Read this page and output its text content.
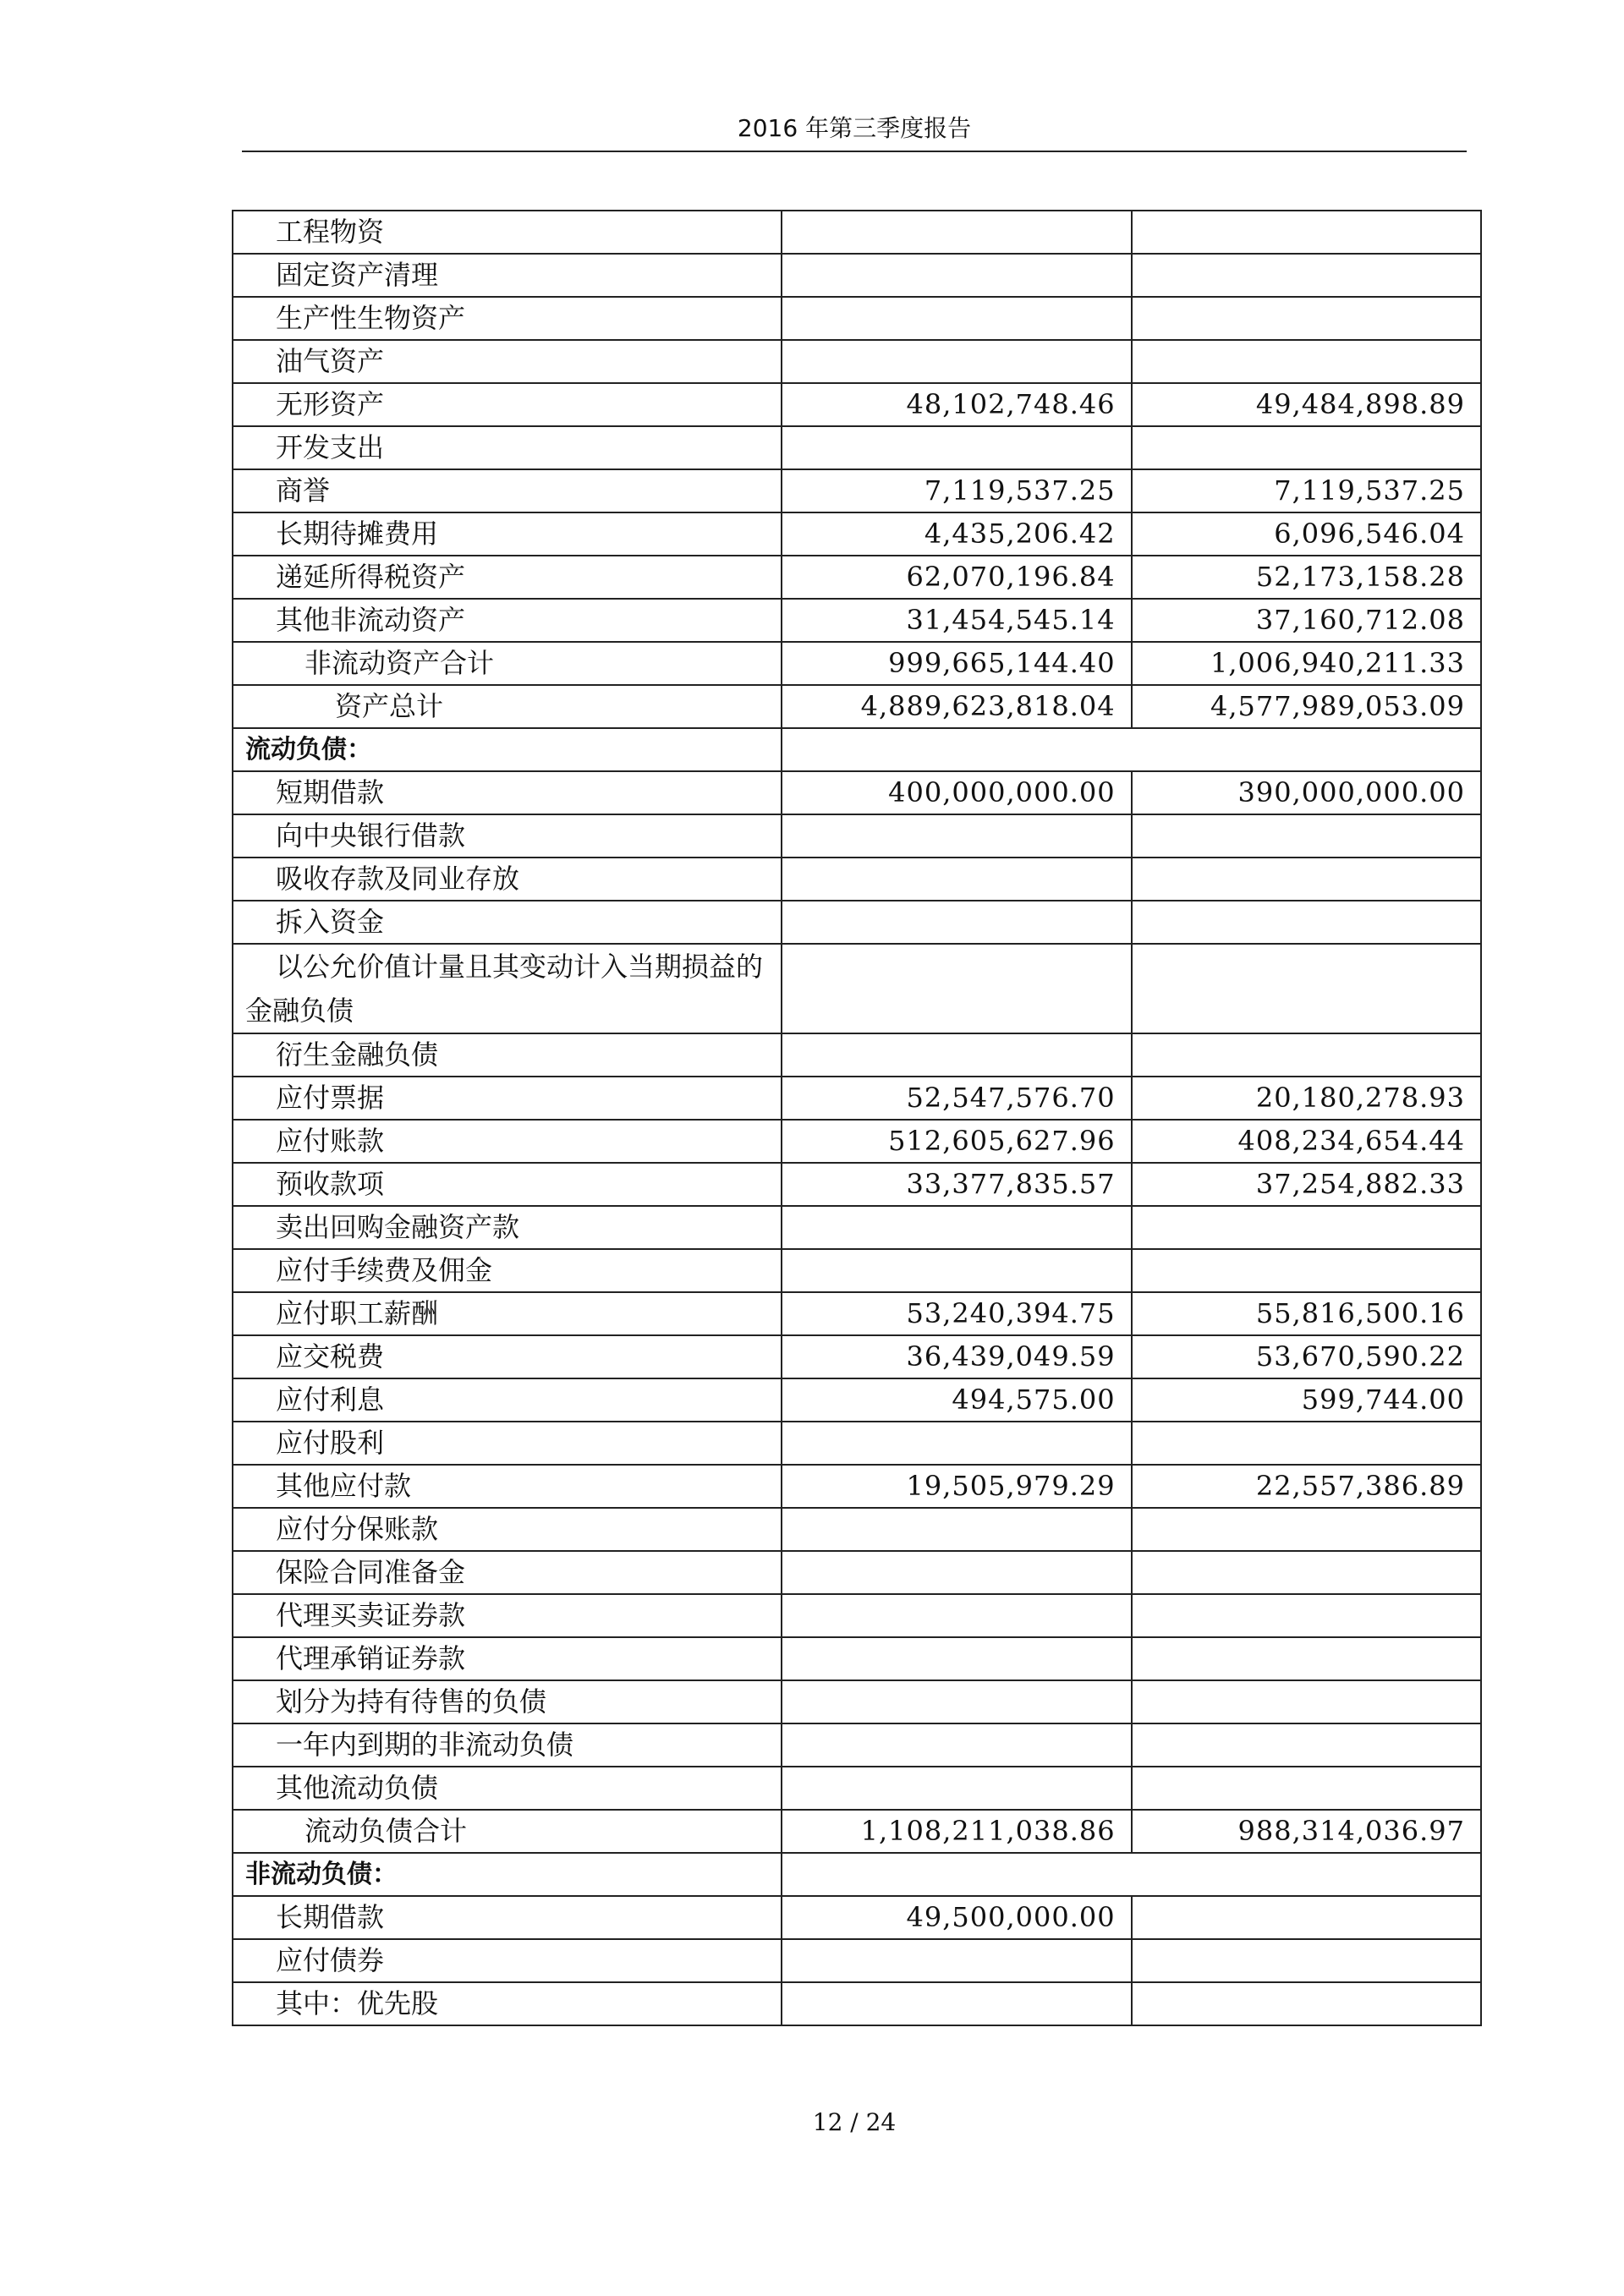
2016 年第三季度报告
工程物资		
固定资产清理		
生产性生物资产		
油气资产		
无形资产	48,102,748.46	49,484,898.89
开发支出		
商誉	7,119,537.25	7,119,537.25
长期待摊费用	4,435,206.42	6,096,546.04
递延所得税资产	62,070,196.84	52,173,158.28
其他非流动资产	31,454,545.14	37,160,712.08
非流动资产合计	999,665,144.40	1,006,940,211.33
资产总计	4,889,623,818.04	4,577,989,053.09
流动负债：		
短期借款	400,000,000.00	390,000,000.00
向中央银行借款		
吸收存款及同业存放		
拆入资金		
以公允价值计量且其变动计入当期损益的金融负债		
衍生金融负债		
应付票据	52,547,576.70	20,180,278.93
应付账款	512,605,627.96	408,234,654.44
预收款项	33,377,835.57	37,254,882.33
卖出回购金融资产款		
应付手续费及佣金		
应付职工薪酬	53,240,394.75	55,816,500.16
应交税费	36,439,049.59	53,670,590.22
应付利息	494,575.00	599,744.00
应付股利		
其他应付款	19,505,979.29	22,557,386.89
应付分保账款		
保险合同准备金		
代理买卖证券款		
代理承销证券款		
划分为持有待售的负债		
一年内到期的非流动负债		
其他流动负债		
流动负债合计	1,108,211,038.86	988,314,036.97
非流动负债：		
长期借款	49,500,000.00	
应付债券		
其中：优先股		
12 / 24
